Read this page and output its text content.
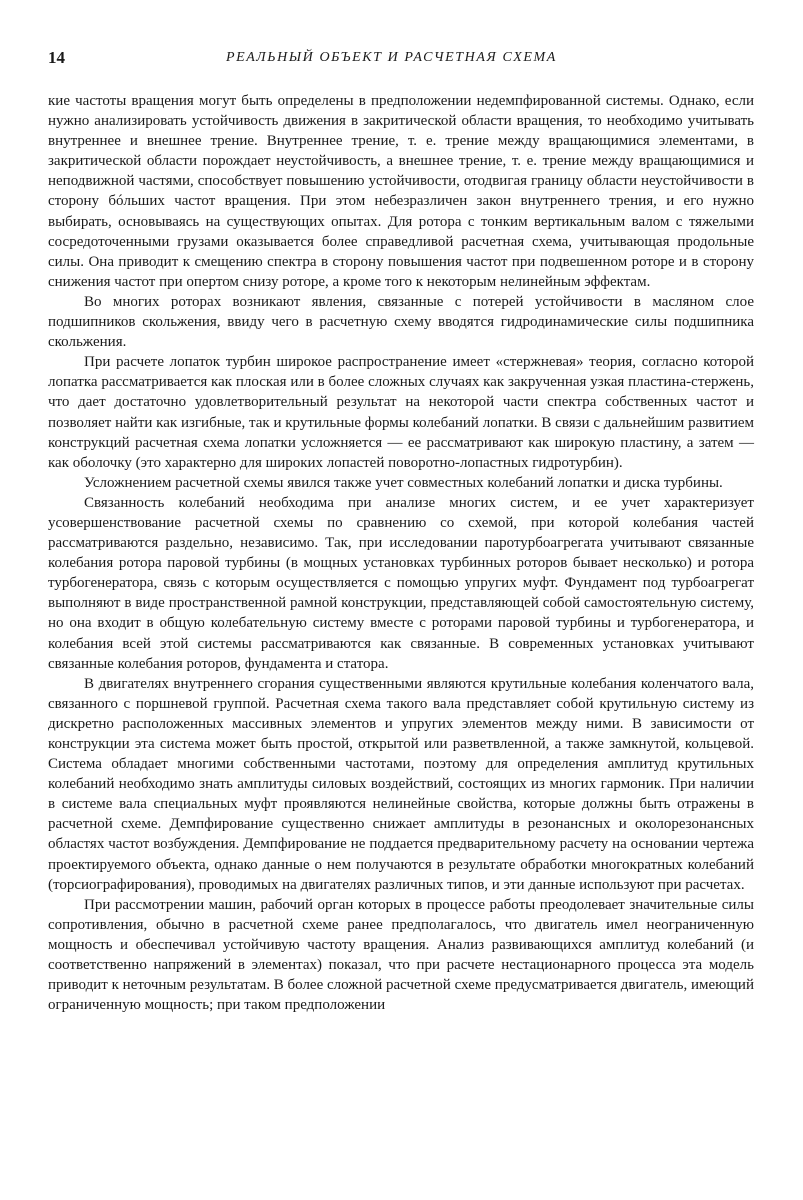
14	РЕАЛЬНЫЙ ОБЪЕКТ И РАСЧЕТНАЯ СХЕМА

кие частоты вращения могут быть определены в предположении недемпфированной системы. Однако, если нужно анализировать устойчивость движения в закритической области вращения, то необходимо учитывать внутреннее и внешнее трение. Внутреннее трение, т. е. трение между вращающимися элементами, в закритической области порождает неустойчивость, а внешнее трение, т. е. трение между вращающимися и неподвижной частями, способствует повышению устойчивости, отодвигая границу области неустойчивости в сторону бóльших частот вращения. При этом небезразличен закон внутреннего трения, и его нужно выбирать, основываясь на существующих опытах. Для ротора с тонким вертикальным валом с тяжелыми сосредоточенными грузами оказывается более справедливой расчетная схема, учитывающая продольные силы. Она приводит к смещению спектра в сторону повышения частот при подвешенном роторе и в сторону снижения частот при опертом снизу роторе, а кроме того к некоторым нелинейным эффектам.

Во многих роторах возникают явления, связанные с потерей устойчивости в масляном слое подшипников скольжения, ввиду чего в расчетную схему вводятся гидродинамические силы подшипника скольжения.

При расчете лопаток турбин широкое распространение имеет «стержневая» теория, согласно которой лопатка рассматривается как плоская или в более сложных случаях как закрученная узкая пластина-стержень, что дает достаточно удовлетворительный результат на некоторой части спектра собственных частот и позволяет найти как изгибные, так и крутильные формы колебаний лопатки. В связи с дальнейшим развитием конструкций расчетная схема лопатки усложняется — ее рассматривают как широкую пластину, а затем — как оболочку (это характерно для широких лопастей поворотно-лопастных гидротурбин).

Усложнением расчетной схемы явился также учет совместных колебаний лопатки и диска турбины.

Связанность колебаний необходима при анализе многих систем, и ее учет характеризует усовершенствование расчетной схемы по сравнению со схемой, при которой колебания частей рассматриваются раздельно, независимо. Так, при исследовании паротурбоагрегата учитывают связанные колебания ротора паровой турбины (в мощных установках турбинных роторов бывает несколько) и ротора турбогенератора, связь с которым осуществляется с помощью упругих муфт. Фундамент под турбоагрегат выполняют в виде пространственной рамной конструкции, представляющей собой самостоятельную систему, но она входит в общую колебательную систему вместе с роторами паровой турбины и турбогенератора, и колебания всей этой системы рассматриваются как связанные. В современных установках учитывают связанные колебания роторов, фундамента и статора.

В двигателях внутреннего сгорания существенными являются крутильные колебания коленчатого вала, связанного с поршневой группой. Расчетная схема такого вала представляет собой крутильную систему из дискретно расположенных массивных элементов и упругих элементов между ними. В зависимости от конструкции эта система может быть простой, открытой или разветвленной, а также замкнутой, кольцевой. Система обладает многими собственными частотами, поэтому для определения амплитуд крутильных колебаний необходимо знать амплитуды силовых воздействий, состоящих из многих гармоник. При наличии в системе вала специальных муфт проявляются нелинейные свойства, которые должны быть отражены в расчетной схеме. Демпфирование существенно снижает амплитуды в резонансных и околорезонансных областях частот возбуждения. Демпфирование не поддается предварительному расчету на основании чертежа проектируемого объекта, однако данные о нем получаются в результате обработки многократных колебаний (торсиографирования), проводимых на двигателях различных типов, и эти данные используют при расчетах.

При рассмотрении машин, рабочий орган которых в процессе работы преодолевает значительные силы сопротивления, обычно в расчетной схеме ранее предполагалось, что двигатель имел неограниченную мощность и обеспечивал устойчивую частоту вращения. Анализ развивающихся амплитуд колебаний (и соответственно напряжений в элементах) показал, что при расчете нестационарного процесса эта модель приводит к неточным результатам. В более сложной расчетной схеме предусматривается двигатель, имеющий ограниченную мощность; при таком предположении
